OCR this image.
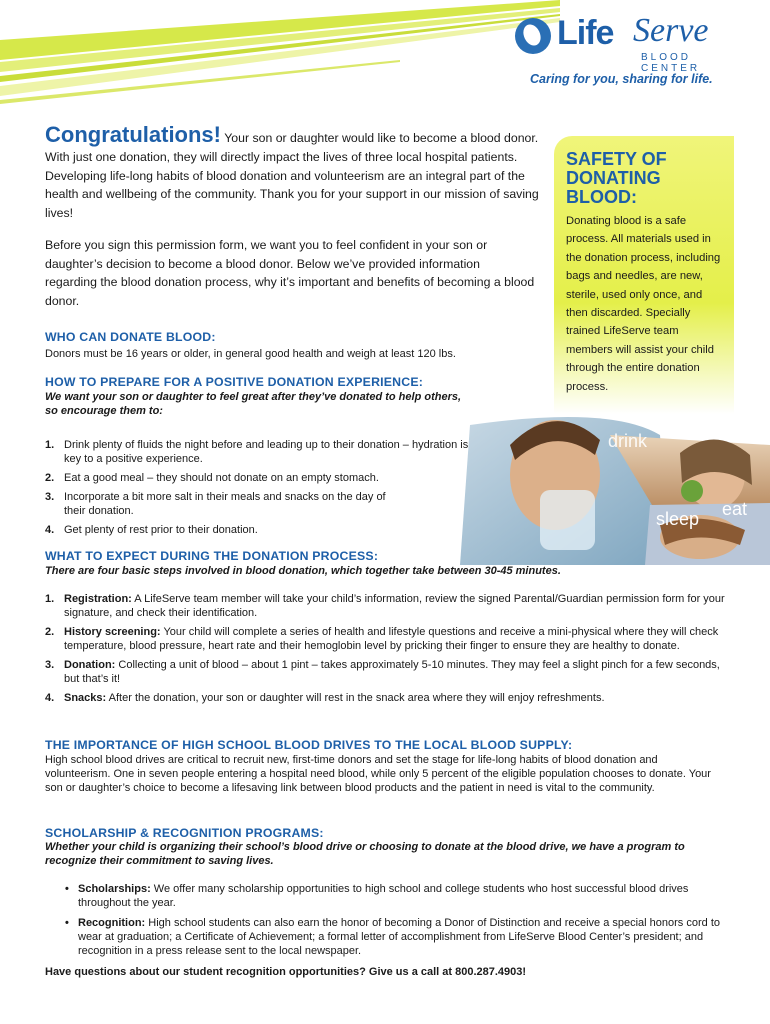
Life Serve
BLOOD CENTER
Caring for you, sharing for life.
Congratulations! Your son or daughter would like to become a blood donor. With just one donation, they will directly impact the lives of three local hospital patients. Developing life-long habits of blood donation and volunteerism are an integral part of the health and wellbeing of the community. Thank you for your support in our mission of saving lives!
Before you sign this permission form, we want you to feel confident in your son or daughter’s decision to become a blood donor. Below we’ve provided information regarding the blood donation process, why it’s important and benefits of becoming a blood donor.
WHO CAN DONATE BLOOD:
Donors must be 16 years or older, in general good health and weigh at least 120 lbs.
HOW TO PREPARE FOR A POSITIVE DONATION EXPERIENCE:
We want your son or daughter to feel great after they’ve donated to help others, so encourage them to:
1. Drink plenty of fluids the night before and leading up to their donation – hydration is key to a positive experience.
2. Eat a good meal – they should not donate on an empty stomach.
3. Incorporate a bit more salt in their meals and snacks on the day of their donation.
4. Get plenty of rest prior to their donation.
SAFETY OF DONATING BLOOD:
Donating blood is a safe process. All materials used in the donation process, including bags and needles, are new, sterile, used only once, and then discarded. Specially trained LifeServe team members will assist your child through the entire donation process.
drink
eat
sleep
WHAT TO EXPECT DURING THE DONATION PROCESS:
There are four basic steps involved in blood donation, which together take between 30-45 minutes.
1. Registration: A LifeServe team member will take your child’s information, review the signed Parental/Guardian permission form for your signature, and check their identification.
2. History screening: Your child will complete a series of health and lifestyle questions and receive a mini-physical where they will check temperature, blood pressure, heart rate and their hemoglobin level by pricking their finger to ensure they are healthy to donate.
3. Donation: Collecting a unit of blood – about 1 pint – takes approximately 5-10 minutes. They may feel a slight pinch for a few seconds, but that’s it!
4. Snacks: After the donation, your son or daughter will rest in the snack area where they will enjoy refreshments.
THE IMPORTANCE OF HIGH SCHOOL BLOOD DRIVES TO THE LOCAL BLOOD SUPPLY:
High school blood drives are critical to recruit new, first-time donors and set the stage for life-long habits of blood donation and volunteerism. One in seven people entering a hospital need blood, while only 5 percent of the eligible population chooses to donate. Your son or daughter’s choice to become a lifesaving link between blood products and the patient in need is vital to the community.
SCHOLARSHIP & RECOGNITION PROGRAMS:
Whether your child is organizing their school’s blood drive or choosing to donate at the blood drive, we have a program to recognize their commitment to saving lives.
• Scholarships: We offer many scholarship opportunities to high school and college students who host successful blood drives throughout the year.
• Recognition: High school students can also earn the honor of becoming a Donor of Distinction and receive a special honors cord to wear at graduation; a Certificate of Achievement; a formal letter of accomplishment from LifeServe Blood Center’s president; and recognition in a press release sent to the local newspaper.
Have questions about our student recognition opportunities? Give us a call at 800.287.4903!
